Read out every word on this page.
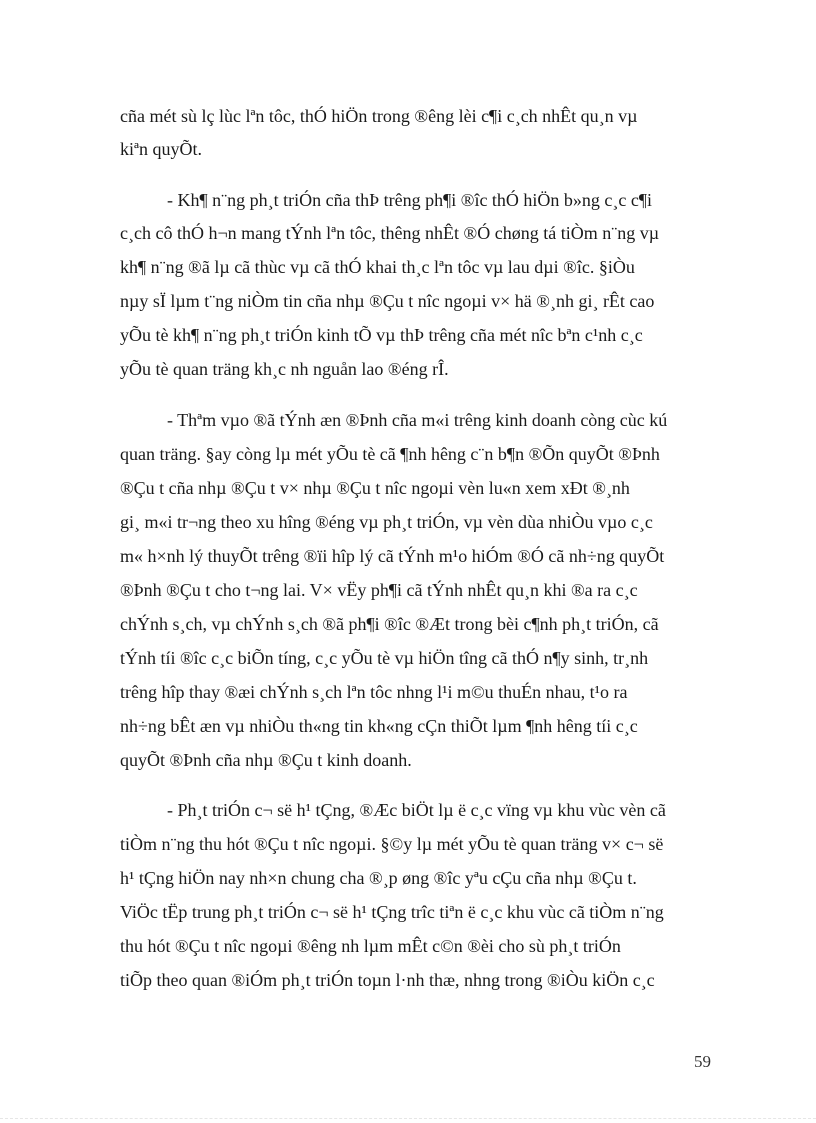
cña mét sù lç lùc lªn tôc, thÓ hiÖn trong ®êng lèi c¶i c¸ch nhÊt qu¸n vµ
kiªn quyÕt.
- Kh¶ n¨ng ph¸t triÓn cña thÞ trêng ph¶i ®îc thÓ hiÖn b»ng c¸c c¶i
c¸ch cô thÓ h¬n mang tÝnh lªn tôc, thêng nhÊt ®Ó chøng tá tiÒm n¨ng vµ
kh¶ n¨ng ®ã lµ cã thùc vµ cã thÓ khai th¸c lªn tôc vµ lau dµi ®îc. §iÒu
nµy sÏ lµm t¨ng niÒm tin cña nhµ ®Çu t nîc ngoµi v× hä ®¸nh gi¸ rÊt cao
yÕu tè kh¶ n¨ng ph¸t triÓn kinh tÕ vµ thÞ trêng cña mét nîc bªn c¹nh c¸c
yÕu tè quan träng kh¸c nh nguån lao ®éng rÎ.
- Thªm vµo ®ã tÝnh æn ®Þnh cña m«i trêng kinh doanh còng cùc kú
quan träng. §ay còng lµ mét yÕu tè cã ¶nh hêng c¨n b¶n ®Õn quyÕt ®Þnh
®Çu t cña nhµ ®Çu t v× nhµ ®Çu t nîc ngoµi vèn lu«n xem xÐt ®¸nh
gi¸ m«i tr¬ng theo xu hîng ®éng vµ ph¸t triÓn, vµ vèn dùa nhiÒu vµo c¸c
m« h×nh lý thuyÕt trêng ®ïi hîp lý cã tÝnh m¹o hiÓm ®Ó cã nh÷ng quyÕt
®Þnh ®Çu t cho t¬ng lai. V× vËy ph¶i cã tÝnh nhÊt qu¸n khi ®a ra c¸c
chÝnh s¸ch, vµ chÝnh s¸ch ®ã ph¶i ®îc ®Æt trong bèi c¶nh ph¸t triÓn, cã
tÝnh tíi ®îc c¸c biÕn tíng, c¸c yÕu tè vµ hiÖn tîng cã thÓ n¶y sinh, tr¸nh
trêng hîp thay ®æi chÝnh s¸ch lªn tôc nhng l¹i m©u thuÉn nhau, t¹o ra
nh÷ng bÊt æn vµ nhiÒu th«ng tin kh«ng cÇn thiÕt lµm ¶nh hêng tíi c¸c
quyÕt ®Þnh cña nhµ ®Çu t kinh doanh.
- Ph¸t triÓn c¬ së h¹ tÇng, ®Æc biÖt lµ ë c¸c vïng vµ khu vùc vèn cã
tiÒm n¨ng thu hót ®Çu t nîc ngoµi. §©y lµ mét yÕu tè quan träng v× c¬ së
h¹ tÇng hiÖn nay nh×n chung cha ®¸p øng ®îc yªu cÇu cña nhµ ®Çu t.
ViÖc tËp trung ph¸t triÓn c¬ së h¹ tÇng trîc tiªn ë c¸c khu vùc cã tiÒm n¨ng
thu hót ®Çu t nîc ngoµi ®êng nh lµm mÊt c©n ®èi cho sù ph¸t triÓn
tiÕp theo quan ®iÓm ph¸t triÓn toµn l·nh thæ, nhng trong ®iÒu kiÖn c¸c
59
